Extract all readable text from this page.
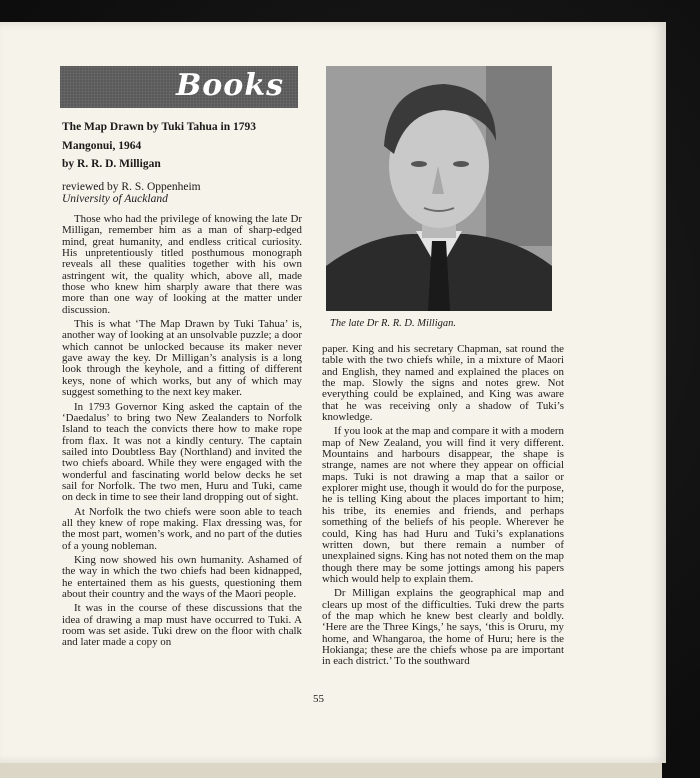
Books
The Map Drawn by Tuki Tahua in 1793
Mangonui, 1964
by R. R. D. Milligan
reviewed by R. S. Oppenheim
University of Auckland

Those who had the privilege of knowing the late Dr Milligan, remember him as a man of sharp-edged mind, great humanity, and endless critical curiosity. His unpretentiously titled posthumous monograph reveals all these qualities together with his own astringent wit, the quality which, above all, made those who knew him sharply aware that there was more than one way of looking at the matter under discussion.

This is what ‘The Map Drawn by Tuki Tahua’ is, another way of looking at an unsolvable puzzle; a door which cannot be unlocked because its maker never gave away the key. Dr Milligan’s analysis is a long look through the keyhole, and a fitting of different keys, none of which works, but any of which may suggest something to the next key maker.

In 1793 Governor King asked the captain of the ‘Daedalus’ to bring two New Zealanders to Norfolk Island to teach the convicts there how to make rope from flax. It was not a kindly century. The captain sailed into Doubtless Bay (Northland) and invited the two chiefs aboard. While they were engaged with the wonderful and fascinating world below decks he set sail for Norfolk. The two men, Huru and Tuki, came on deck in time to see their land dropping out of sight.

At Norfolk the two chiefs were soon able to teach all they knew of rope making. Flax dressing was, for the most part, women’s work, and no part of the duties of a young nobleman.

King now showed his own humanity. Ashamed of the way in which the two chiefs had been kidnapped, he entertained them as his guests, questioning them about their country and the ways of the Maori people.

It was in the course of these discussions that the idea of drawing a map must have occurred to Tuki. A room was set aside. Tuki drew on the floor with chalk and later made a copy on

The late Dr R. R. D. Milligan.

paper. King and his secretary Chapman, sat round the table with the two chiefs while, in a mixture of Maori and English, they named and explained the places on the map. Slowly the signs and notes grew. Not everything could be explained, and King was aware that he was receiving only a shadow of Tuki’s knowledge.

If you look at the map and compare it with a modern map of New Zealand, you will find it very different. Mountains and harbours disappear, the shape is strange, names are not where they appear on official maps. Tuki is not drawing a map that a sailor or explorer might use, though it would do for the purpose, he is telling King about the places important to him; his tribe, its enemies and friends, and perhaps something of the beliefs of his people. Wherever he could, King has had Huru and Tuki’s explanations written down, but there remain a number of unexplained signs. King has not noted them on the map though there may be some jottings among his papers which would help to explain them.

Dr Milligan explains the geographical map and clears up most of the difficulties. Tuki drew the parts of the map which he knew best clearly and boldly. ‘Here are the Three Kings,’ he says, ‘this is Oruru, my home, and Whangaroa, the home of Huru; here is the Hokianga; these are the chiefs whose pa are important in each district.’ To the southward

55
